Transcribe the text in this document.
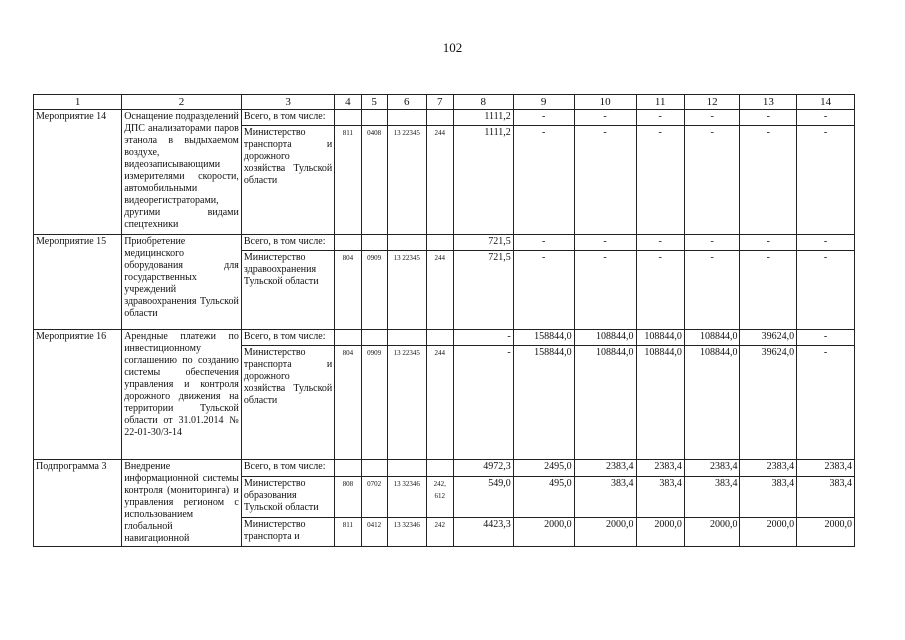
102
1	2	3	4	5	6	7	8	9	10	11	12	13	14
Мероприятие 14	Оснащение подразделений ДПС анализаторами паров этанола в выдыхаемом воздухе, видеозаписывающими измерителями скорости, автомобильными видеорегистраторами, другими видами спецтехники	Всего, в том числе:					1111,2	-	-	-	-	-	-
		Министерство транспорта и дорожного хозяйства Тульской области	811	0408	13 22345	244	1111,2	-	-	-	-	-	-
Мероприятие 15	Приобретение медицинского оборудования для государственных учреждений здравоохранения Тульской области	Всего, в том числе:					721,5	-	-	-	-	-	-
		Министерство здравоохранения Тульской области	804	0909	13 22345	244	721,5	-	-	-	-	-	-
Мероприятие 16	Арендные платежи по инвестиционному соглашению по созданию системы обеспечения управления и контроля дорожного движения на территории Тульской области от 31.01.2014 № 22-01-30/3-14	Всего, в том числе:					-	158844,0	108844,0	108844,0	108844,0	39624,0	-
		Министерство транспорта и дорожного хозяйства Тульской области	804	0909	13 22345	244	-	158844,0	108844,0	108844,0	108844,0	39624,0	-
Подпрограмма 3	Внедрение информационной системы контроля (мониторинга) и управления регионом с использованием глобальной навигационной	Всего, в том числе:					4972,3	2495,0	2383,4	2383,4	2383,4	2383,4	2383,4
		Министерство образования Тульской области	808	0702	13 32346	242, 612	549,0	495,0	383,4	383,4	383,4	383,4	383,4
		Министерство транспорта и	811	0412	13 32346	242	4423,3	2000,0	2000,0	2000,0	2000,0	2000,0	2000,0
